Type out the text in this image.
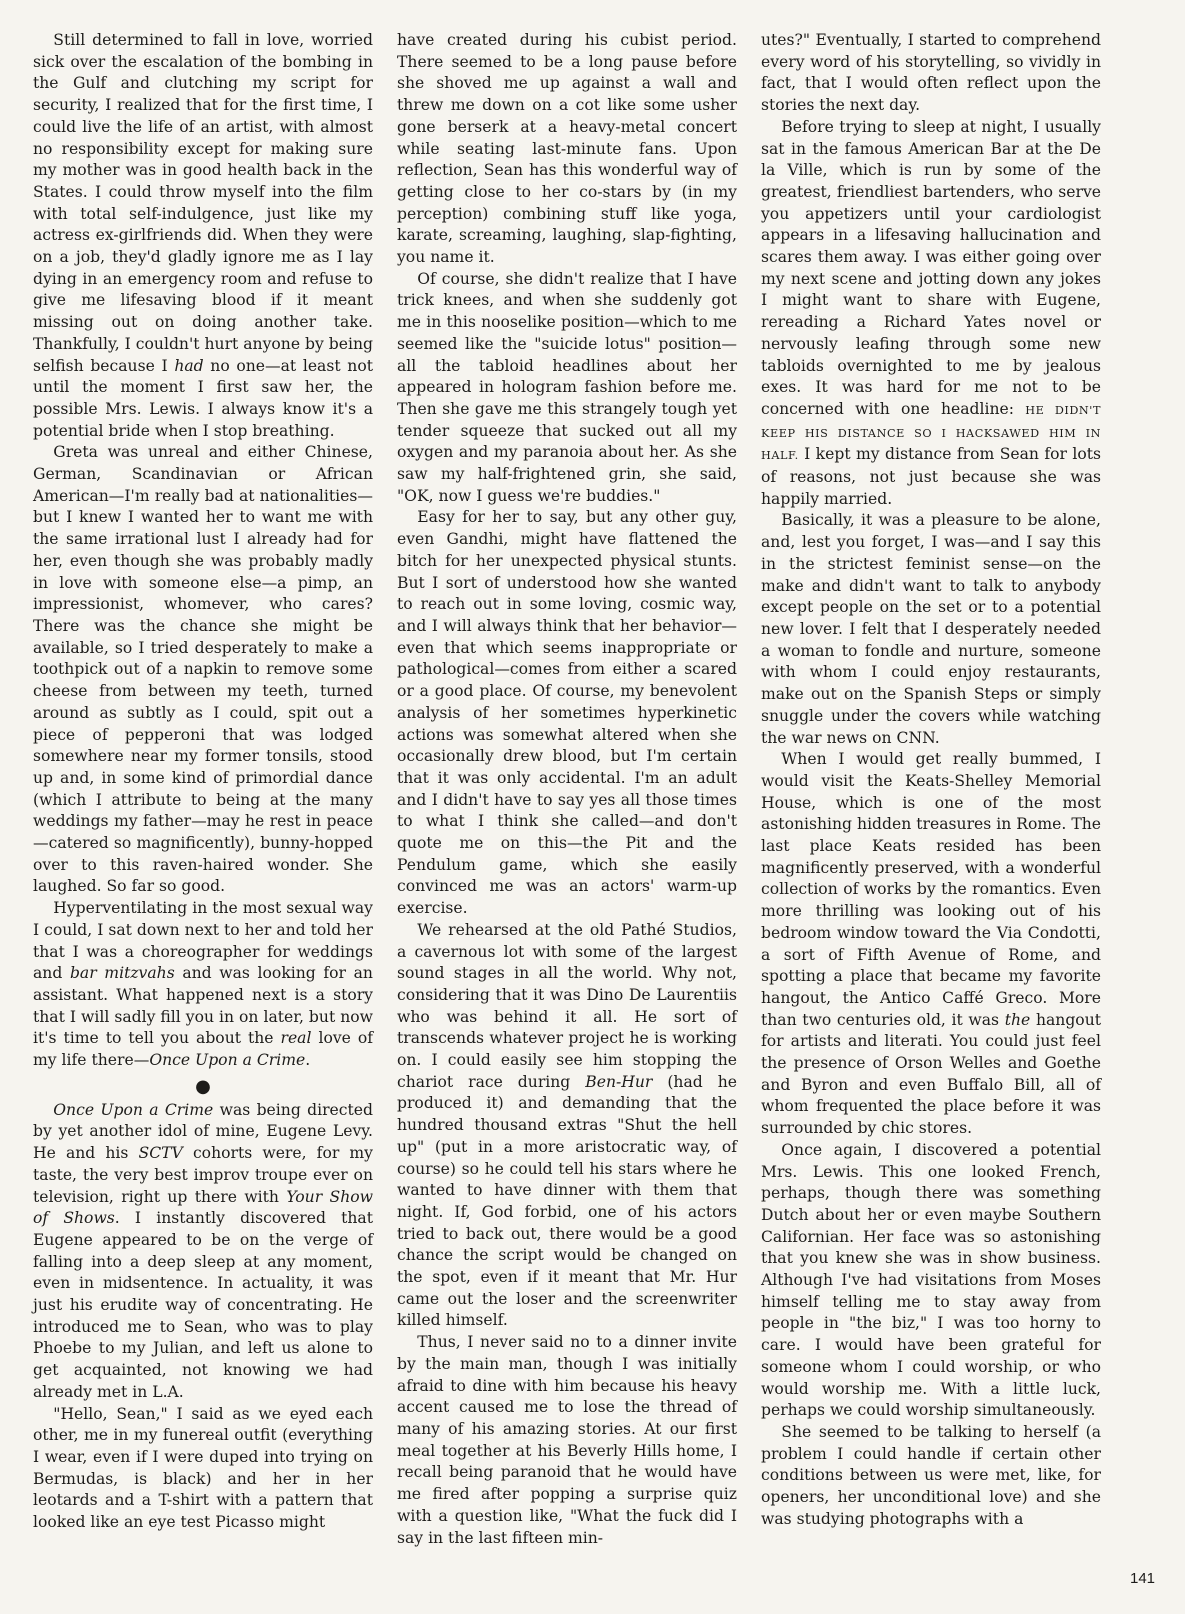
Still determined to fall in love, worried sick over the escalation of the bombing in the Gulf and clutching my script for security, I realized that for the first time, I could live the life of an artist, with almost no responsibility except for making sure my mother was in good health back in the States. I could throw myself into the film with total self-indulgence, just like my actress ex-girlfriends did. When they were on a job, they'd gladly ignore me as I lay dying in an emergency room and refuse to give me lifesaving blood if it meant missing out on doing another take. Thankfully, I couldn't hurt anyone by being selfish because I had no one—at least not until the moment I first saw her, the possible Mrs. Lewis. I always know it's a potential bride when I stop breathing.

Greta was unreal and either Chinese, German, Scandinavian or African American—I'm really bad at nationalities—but I knew I wanted her to want me with the same irrational lust I already had for her, even though she was probably madly in love with someone else—a pimp, an impressionist, whomever, who cares? There was the chance she might be available, so I tried desperately to make a toothpick out of a napkin to remove some cheese from between my teeth, turned around as subtly as I could, spit out a piece of pepperoni that was lodged somewhere near my former tonsils, stood up and, in some kind of primordial dance (which I attribute to being at the many weddings my father—may he rest in peace—catered so magnificently), bunny-hopped over to this raven-haired wonder. She laughed. So far so good.

Hyperventilating in the most sexual way I could, I sat down next to her and told her that I was a choreographer for weddings and bar mitzvahs and was looking for an assistant. What happened next is a story that I will sadly fill you in on later, but now it's time to tell you about the real love of my life there—Once Upon a Crime.

●

Once Upon a Crime was being directed by yet another idol of mine, Eugene Levy. He and his SCTV cohorts were, for my taste, the very best improv troupe ever on television, right up there with Your Show of Shows. I instantly discovered that Eugene appeared to be on the verge of falling into a deep sleep at any moment, even in midsentence. In actuality, it was just his erudite way of concentrating. He introduced me to Sean, who was to play Phoebe to my Julian, and left us alone to get acquainted, not knowing we had already met in L.A.

"Hello, Sean," I said as we eyed each other, me in my funereal outfit (everything I wear, even if I were duped into trying on Bermudas, is black) and her in her leotards and a T-shirt with a pattern that looked like an eye test Picasso might

have created during his cubist period. There seemed to be a long pause before she shoved me up against a wall and threw me down on a cot like some usher gone berserk at a heavy-metal concert while seating last-minute fans. Upon reflection, Sean has this wonderful way of getting close to her co-stars by (in my perception) combining stuff like yoga, karate, screaming, laughing, slap-fighting, you name it.

Of course, she didn't realize that I have trick knees, and when she suddenly got me in this nooselike position—which to me seemed like the "suicide lotus" position—all the tabloid headlines about her appeared in hologram fashion before me. Then she gave me this strangely tough yet tender squeeze that sucked out all my oxygen and my paranoia about her. As she saw my half-frightened grin, she said, "OK, now I guess we're buddies."

Easy for her to say, but any other guy, even Gandhi, might have flattened the bitch for her unexpected physical stunts. But I sort of understood how she wanted to reach out in some loving, cosmic way, and I will always think that her behavior—even that which seems inappropriate or pathological—comes from either a scared or a good place. Of course, my benevolent analysis of her sometimes hyperkinetic actions was somewhat altered when she occasionally drew blood, but I'm certain that it was only accidental. I'm an adult and I didn't have to say yes all those times to what I think she called—and don't quote me on this—the Pit and the Pendulum game, which she easily convinced me was an actors' warm-up exercise.

We rehearsed at the old Pathé Studios, a cavernous lot with some of the largest sound stages in all the world. Why not, considering that it was Dino De Laurentiis who was behind it all. He sort of transcends whatever project he is working on. I could easily see him stopping the chariot race during Ben-Hur (had he produced it) and demanding that the hundred thousand extras "Shut the hell up" (put in a more aristocratic way, of course) so he could tell his stars where he wanted to have dinner with them that night. If, God forbid, one of his actors tried to back out, there would be a good chance the script would be changed on the spot, even if it meant that Mr. Hur came out the loser and the screenwriter killed himself.

Thus, I never said no to a dinner invite by the main man, though I was initially afraid to dine with him because his heavy accent caused me to lose the thread of many of his amazing stories. At our first meal together at his Beverly Hills home, I recall being paranoid that he would have me fired after popping a surprise quiz with a question like, "What the fuck did I say in the last fifteen min-

utes?" Eventually, I started to comprehend every word of his storytelling, so vividly in fact, that I would often reflect upon the stories the next day.

Before trying to sleep at night, I usually sat in the famous American Bar at the De la Ville, which is run by some of the greatest, friendliest bartenders, who serve you appetizers until your cardiologist appears in a lifesaving hallucination and scares them away. I was either going over my next scene and jotting down any jokes I might want to share with Eugene, rereading a Richard Yates novel or nervously leafing through some new tabloids overnighted to me by jealous exes. It was hard for me not to be concerned with one headline: HE DIDN'T KEEP HIS DISTANCE SO I HACKSAWED HIM IN HALF. I kept my distance from Sean for lots of reasons, not just because she was happily married.

Basically, it was a pleasure to be alone, and, lest you forget, I was—and I say this in the strictest feminist sense—on the make and didn't want to talk to anybody except people on the set or to a potential new lover. I felt that I desperately needed a woman to fondle and nurture, someone with whom I could enjoy restaurants, make out on the Spanish Steps or simply snuggle under the covers while watching the war news on CNN.

When I would get really bummed, I would visit the Keats-Shelley Memorial House, which is one of the most astonishing hidden treasures in Rome. The last place Keats resided has been magnificently preserved, with a wonderful collection of works by the romantics. Even more thrilling was looking out of his bedroom window toward the Via Condotti, a sort of Fifth Avenue of Rome, and spotting a place that became my favorite hangout, the Antico Caffé Greco. More than two centuries old, it was the hangout for artists and literati. You could just feel the presence of Orson Welles and Goethe and Byron and even Buffalo Bill, all of whom frequented the place before it was surrounded by chic stores.

Once again, I discovered a potential Mrs. Lewis. This one looked French, perhaps, though there was something Dutch about her or even maybe Southern Californian. Her face was so astonishing that you knew she was in show business. Although I've had visitations from Moses himself telling me to stay away from people in "the biz," I was too horny to care. I would have been grateful for someone whom I could worship, or who would worship me. With a little luck, perhaps we could worship simultaneously.

She seemed to be talking to herself (a problem I could handle if certain other conditions between us were met, like, for openers, her unconditional love) and she was studying photographs with a

141
